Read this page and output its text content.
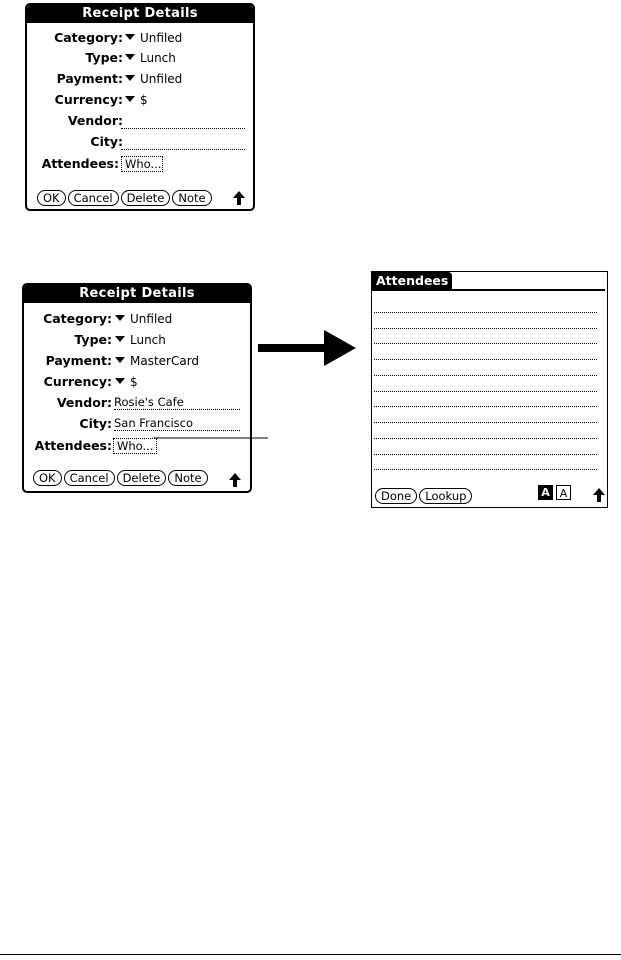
Receipt Details
Category:	Unfiled
Type:	Lunch
Payment:	Unfiled
Currency:	$
Vendor:
City:
Attendees: Who...
OK Cancel Delete Note
Receipt Details
Category:	Unfiled
Type:	Lunch
Payment:	MasterCard
Currency:	$
Vendor: Rosie's Cafe
City: San Francisco
Attendees: Who...
OK Cancel Delete Note
Attendees
Done Lookup	A A
